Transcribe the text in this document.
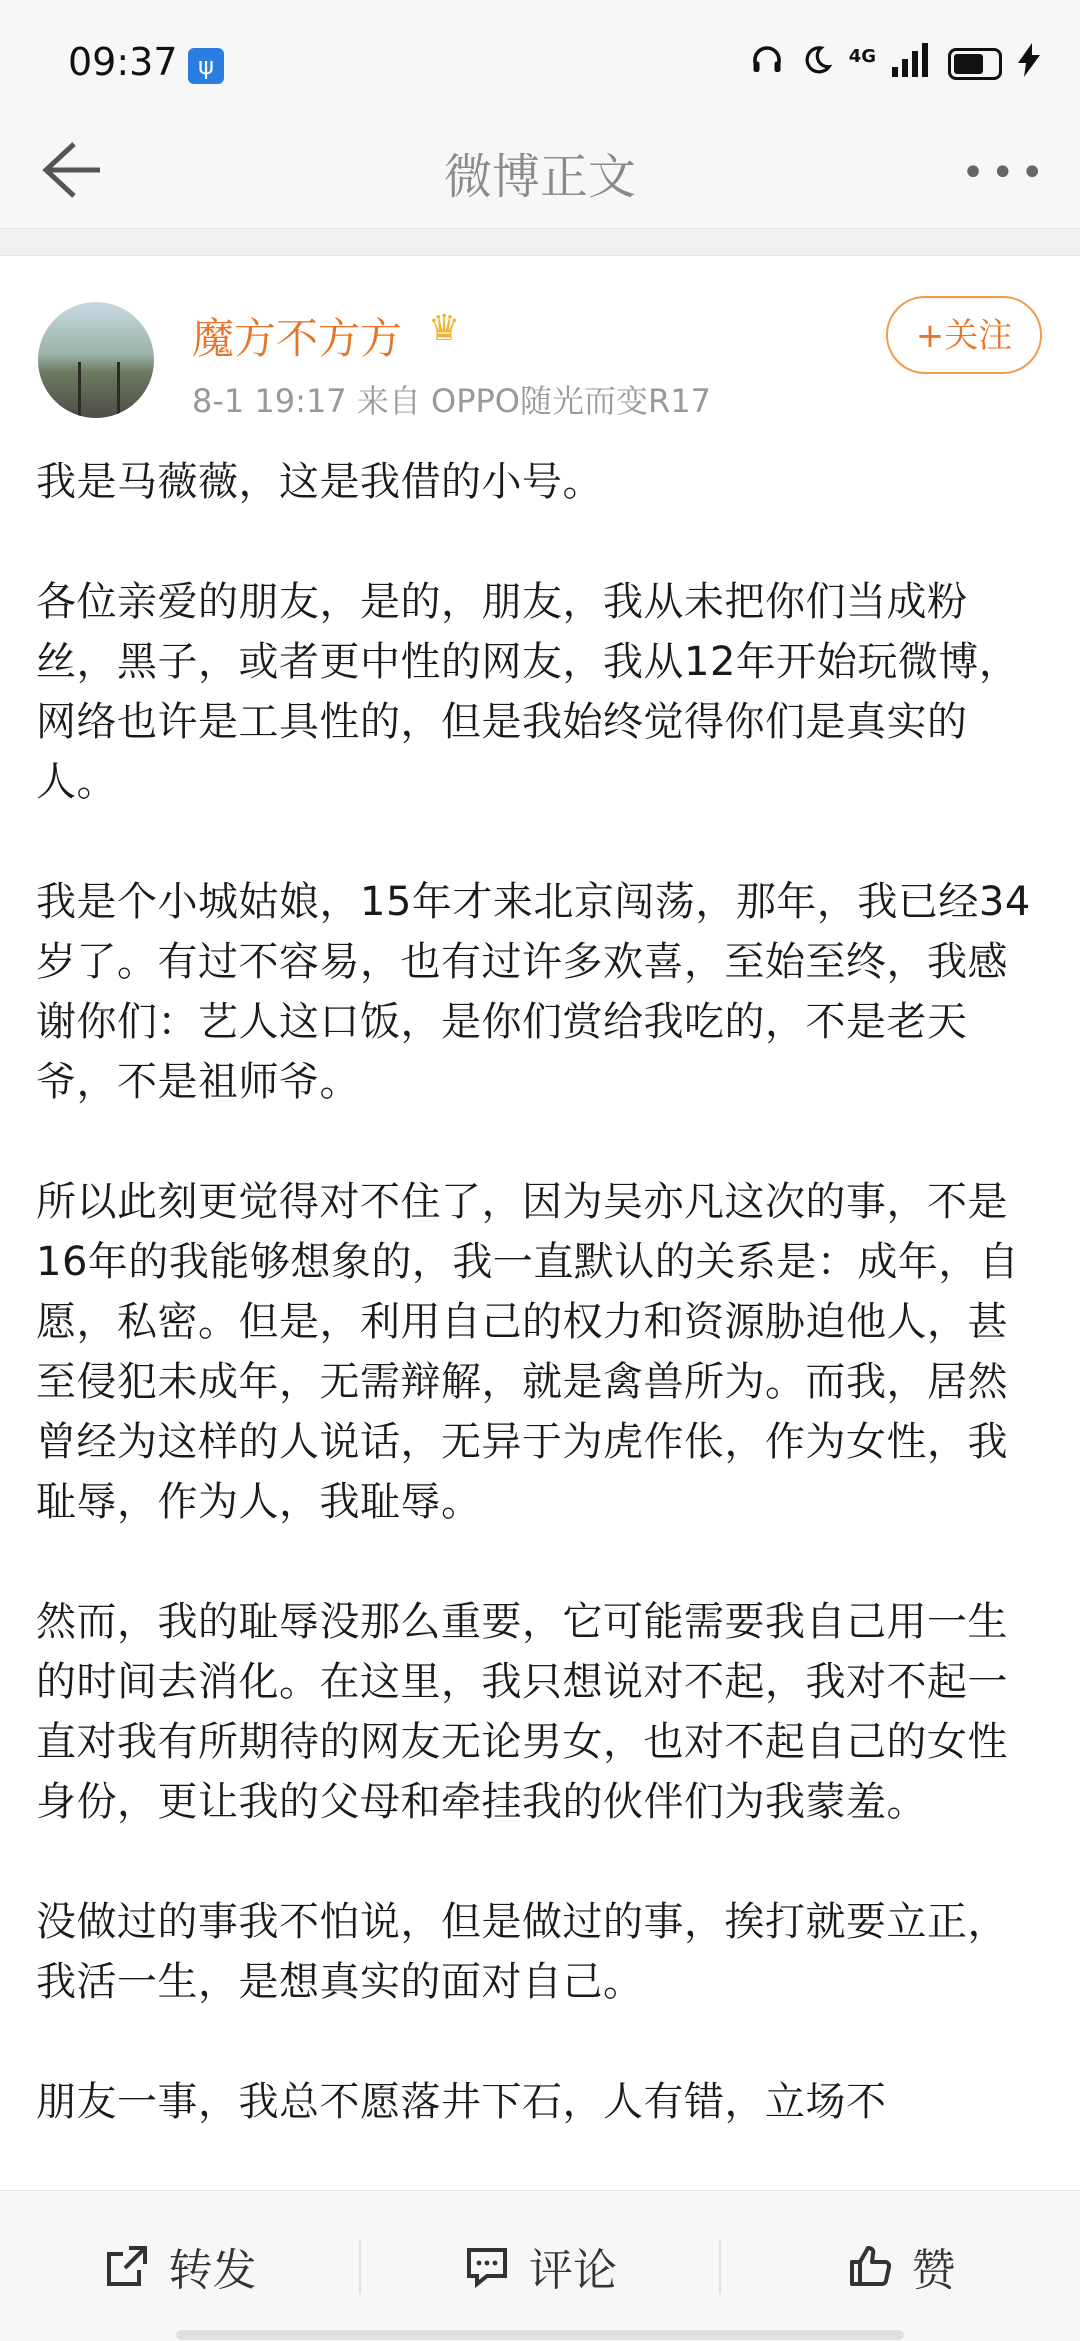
09:37 ψ	4G
微博正文	•••
魔方不方方 ♛
8-1 19:17 来自 OPPO随光而变R17
+关注

我是马薇薇，这是我借的小号。

各位亲爱的朋友，是的，朋友，我从未把你们当成粉丝，黑子，或者更中性的网友，我从12年开始玩微博，网络也许是工具性的，但是我始终觉得你们是真实的人。

我是个小城姑娘，15年才来北京闯荡，那年，我已经34岁了。有过不容易，也有过许多欢喜，至始至终，我感谢你们：艺人这口饭，是你们赏给我吃的，不是老天爷，不是祖师爷。

所以此刻更觉得对不住了，因为吴亦凡这次的事，不是16年的我能够想象的，我一直默认的关系是：成年，自愿，私密。但是，利用自己的权力和资源胁迫他人，甚至侵犯未成年，无需辩解，就是禽兽所为。而我，居然曾经为这样的人说话，无异于为虎作伥，作为女性，我耻辱，作为人，我耻辱。

然而，我的耻辱没那么重要，它可能需要我自己用一生的时间去消化。在这里，我只想说对不起，我对不起一直对我有所期待的网友无论男女，也对不起自己的女性身份，更让我的父母和牵挂我的伙伴们为我蒙羞。

没做过的事我不怕说，但是做过的事，挨打就要立正，我活一生，是想真实的面对自己。

朋友一事，我总不愿落井下石，人有错，立场不

转发	评论	赞
